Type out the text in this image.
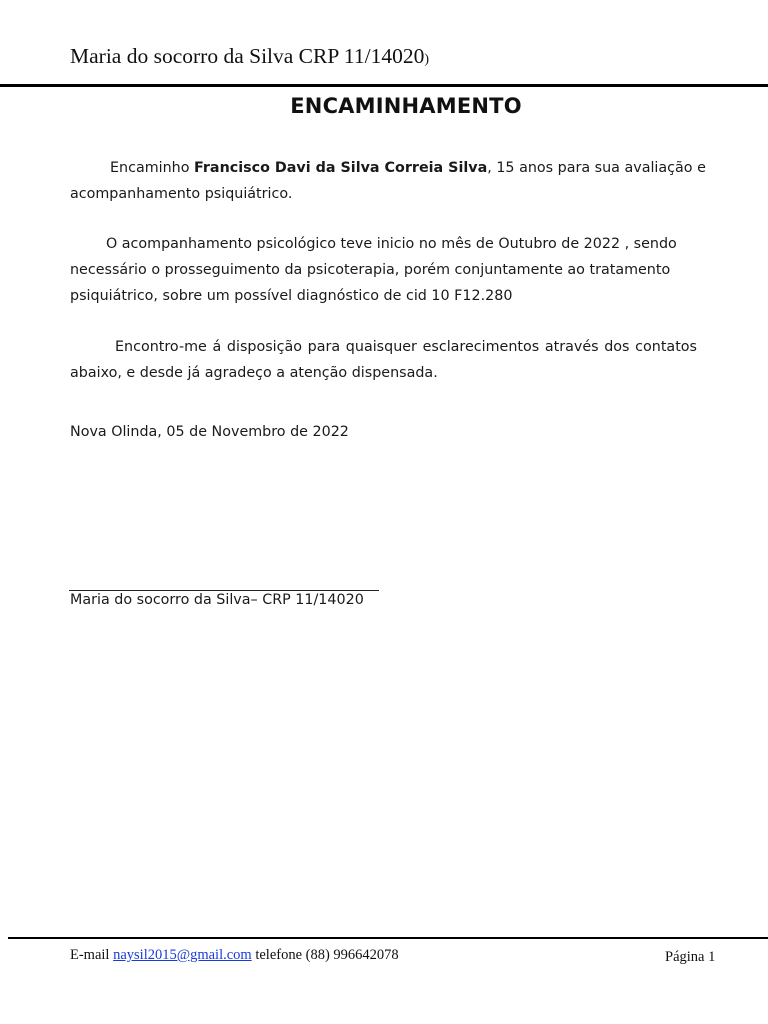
Maria do socorro da Silva CRP 11/14020)
ENCAMINHAMENTO
Encaminho Francisco Davi da Silva Correia Silva, 15 anos para sua avaliação e
acompanhamento psiquiátrico.
O acompanhamento psicológico teve inicio no mês de Outubro de 2022 , sendo
necessário o prosseguimento da psicoterapia, porém conjuntamente ao tratamento
psiquiátrico, sobre um possível diagnóstico de cid 10 F12.280
Encontro-me á disposição para quaisquer esclarecimentos através dos contatos
abaixo, e desde já agradeço a atenção dispensada.
Nova Olinda, 05 de Novembro de 2022
Maria do socorro da Silva– CRP 11/14020
E-mail naysil2015@gmail.com telefone (88) 996642078	Página 1
